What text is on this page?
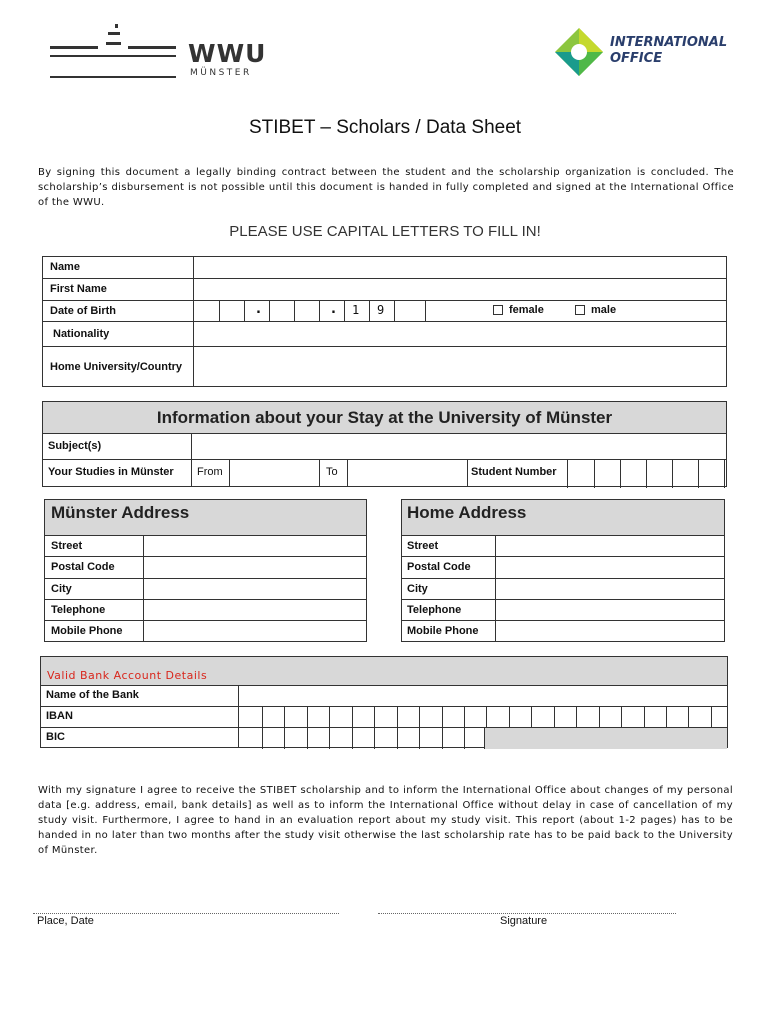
WWU
MÜNSTER
INTERNATIONAL
OFFICE
STIBET – Scholars / Data Sheet
By signing this document a legally binding contract between the student and the scholarship organization is concluded. The scholarship’s disbursement is not possible until this document is handed in fully completed and signed at the International Office of the WWU.
PLEASE USE CAPITAL LETTERS TO FILL IN!
Name
First Name
Date of Birth	.	. 1 9	female	male
Nationality
Home University/Country
Information about your Stay at the University of Münster
Subject(s)
Your Studies in Münster From	To	Student Number
Münster Address
Street
Postal Code
City
Telephone
Mobile Phone
Home Address
Street
Postal Code
City
Telephone
Mobile Phone
Valid Bank Account Details
Name of the Bank
IBAN
BIC
With my signature I agree to receive the STIBET scholarship and to inform the International Office about changes of my personal data [e.g. address, email, bank details] as well as to inform the International Office without delay in case of cancellation of my study visit. Furthermore, I agree to hand in an evaluation report about my study visit. This report (about 1-2 pages) has to be handed in no later than two months after the study visit otherwise the last scholarship rate has to be paid back to the University of Münster.
Place, Date	Signature
